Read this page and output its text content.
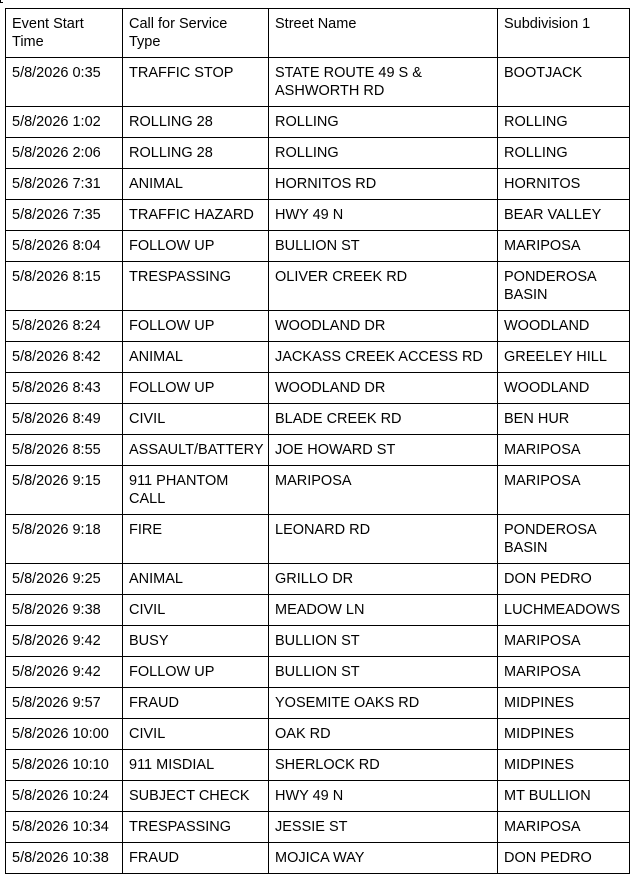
Event Start Time	Call for Service Type	Street Name	Subdivision 1

5/8/2026 0:35	TRAFFIC STOP	STATE ROUTE 49 S & ASHWORTH RD	BOOTJACK

5/8/2026 1:02	ROLLING 28	ROLLING	ROLLING

5/8/2026 2:06	ROLLING 28	ROLLING	ROLLING

5/8/2026 7:31	ANIMAL	HORNITOS RD	HORNITOS

5/8/2026 7:35	TRAFFIC HAZARD	HWY 49 N	BEAR VALLEY

5/8/2026 8:04	FOLLOW UP	BULLION ST	MARIPOSA

5/8/2026 8:15	TRESPASSING	OLIVER CREEK RD	PONDEROSA BASIN

5/8/2026 8:24	FOLLOW UP	WOODLAND DR	WOODLAND

5/8/2026 8:42	ANIMAL	JACKASS CREEK ACCESS RD	GREELEY HILL

5/8/2026 8:43	FOLLOW UP	WOODLAND DR	WOODLAND

5/8/2026 8:49	CIVIL	BLADE CREEK RD	BEN HUR

5/8/2026 8:55	ASSAULT/BATTERY	JOE HOWARD ST	MARIPOSA

5/8/2026 9:15	911 PHANTOM CALL	MARIPOSA	MARIPOSA

5/8/2026 9:18	FIRE	LEONARD RD	PONDEROSA BASIN

5/8/2026 9:25	ANIMAL	GRILLO DR	DON PEDRO

5/8/2026 9:38	CIVIL	MEADOW LN	LUCHMEADOWS

5/8/2026 9:42	BUSY	BULLION ST	MARIPOSA

5/8/2026 9:42	FOLLOW UP	BULLION ST	MARIPOSA

5/8/2026 9:57	FRAUD	YOSEMITE OAKS RD	MIDPINES

5/8/2026 10:00	CIVIL	OAK RD	MIDPINES

5/8/2026 10:10	911 MISDIAL	SHERLOCK RD	MIDPINES

5/8/2026 10:24	SUBJECT CHECK	HWY 49 N	MT BULLION

5/8/2026 10:34	TRESPASSING	JESSIE ST	MARIPOSA

5/8/2026 10:38	FRAUD	MOJICA WAY	DON PEDRO
